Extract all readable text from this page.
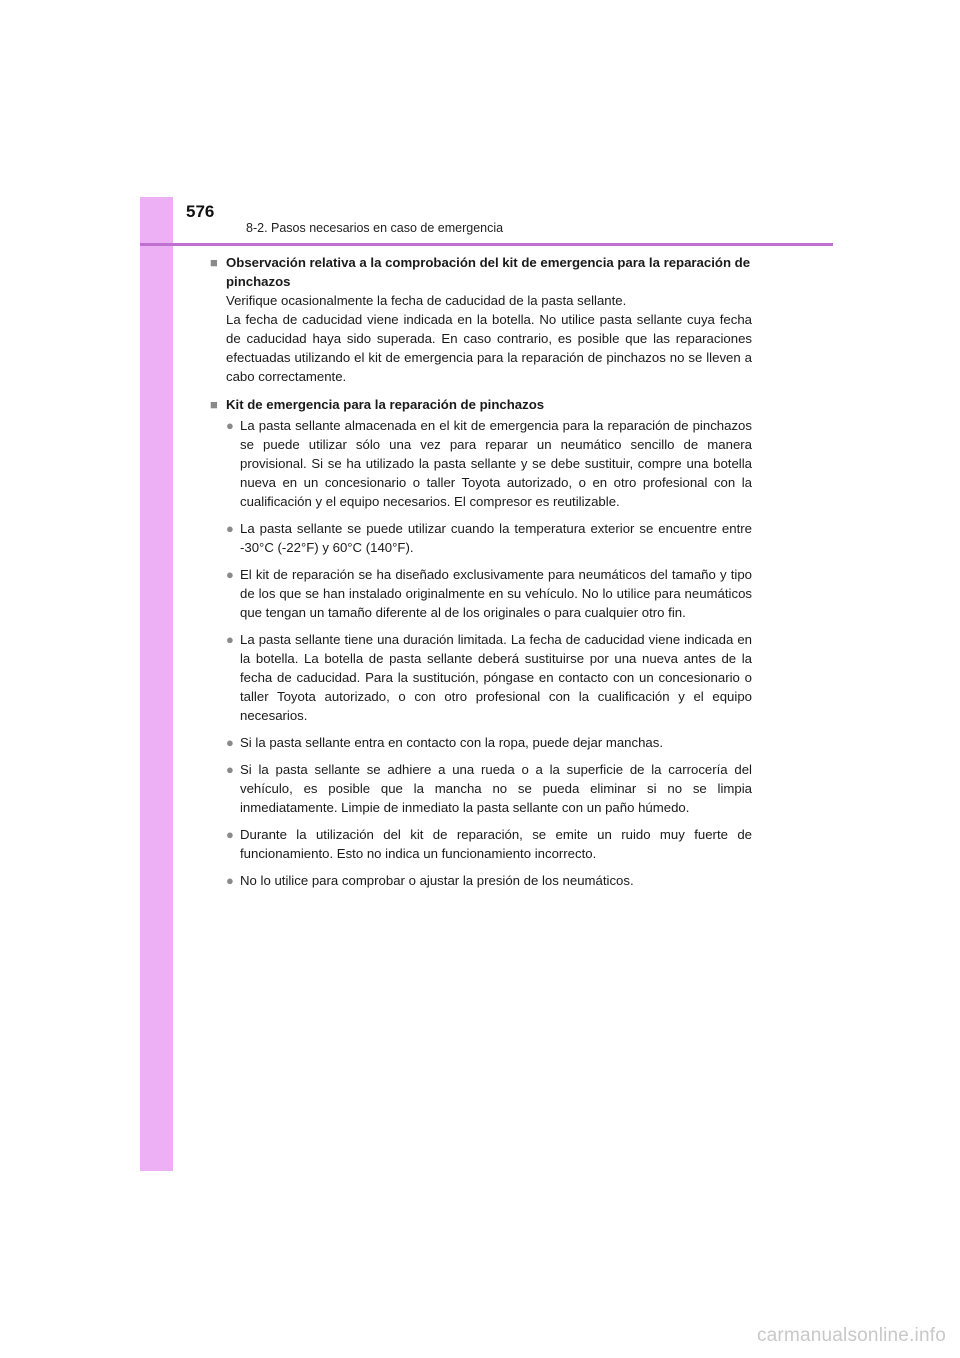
576
8-2. Pasos necesarios en caso de emergencia
■ Observación relativa a la comprobación del kit de emergencia para la reparación de pinchazos
Verifique ocasionalmente la fecha de caducidad de la pasta sellante.
La fecha de caducidad viene indicada en la botella. No utilice pasta sellante cuya fecha de caducidad haya sido superada. En caso contrario, es posible que las reparaciones efectuadas utilizando el kit de emergencia para la reparación de pinchazos no se lleven a cabo correctamente.
■ Kit de emergencia para la reparación de pinchazos
● La pasta sellante almacenada en el kit de emergencia para la reparación de pinchazos se puede utilizar sólo una vez para reparar un neumático sencillo de manera provisional. Si se ha utilizado la pasta sellante y se debe sustituir, compre una botella nueva en un concesionario o taller Toyota autorizado, o en otro profesional con la cualificación y el equipo necesarios. El compresor es reutilizable.
● La pasta sellante se puede utilizar cuando la temperatura exterior se encuentre entre -30°C (-22°F) y 60°C (140°F).
● El kit de reparación se ha diseñado exclusivamente para neumáticos del tamaño y tipo de los que se han instalado originalmente en su vehículo. No lo utilice para neumáticos que tengan un tamaño diferente al de los originales o para cualquier otro fin.
● La pasta sellante tiene una duración limitada. La fecha de caducidad viene indicada en la botella. La botella de pasta sellante deberá sustituirse por una nueva antes de la fecha de caducidad. Para la sustitución, póngase en contacto con un concesionario o taller Toyota autorizado, o con otro profesional con la cualificación y el equipo necesarios.
● Si la pasta sellante entra en contacto con la ropa, puede dejar manchas.
● Si la pasta sellante se adhiere a una rueda o a la superficie de la carrocería del vehículo, es posible que la mancha no se pueda eliminar si no se limpia inmediatamente. Limpie de inmediato la pasta sellante con un paño húmedo.
● Durante la utilización del kit de reparación, se emite un ruido muy fuerte de funcionamiento. Esto no indica un funcionamiento incorrecto.
● No lo utilice para comprobar o ajustar la presión de los neumáticos.
carmanualsonline.info
